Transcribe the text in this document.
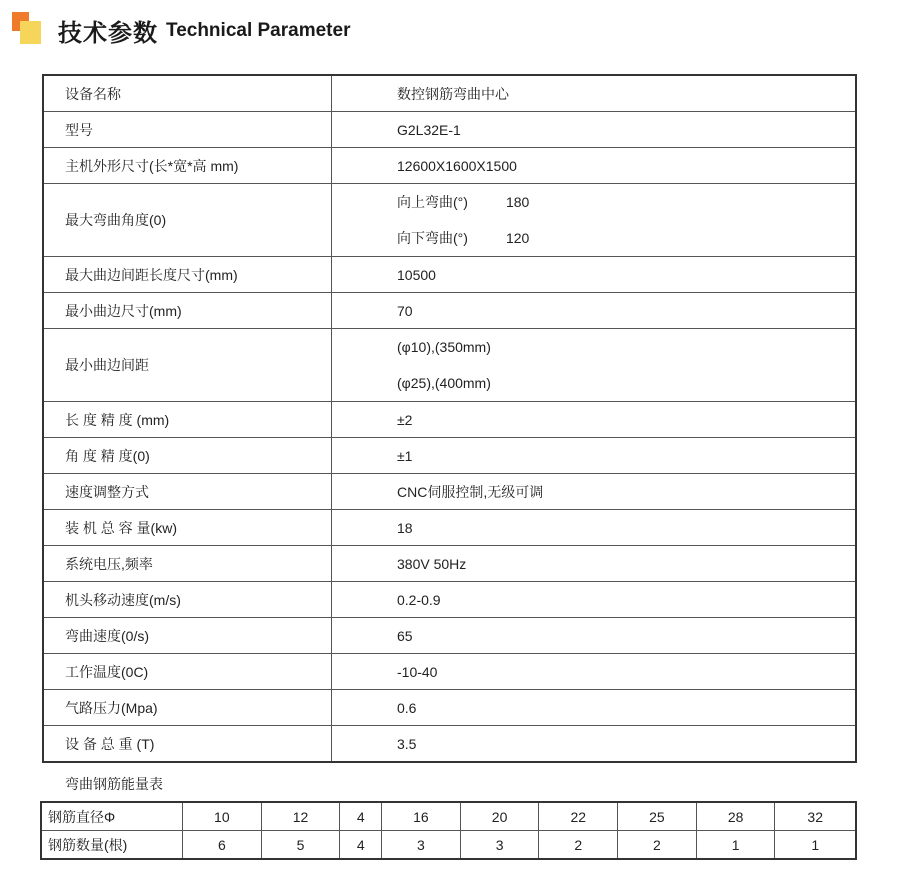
技术参数 Technical Parameter
设备名称	数控钢筋弯曲中心
型号	G2L32E-1
主机外形尺寸(长*宽*高 mm)	12600X1600X1500
最大弯曲角度(0)	向上弯曲(°) 180
向下弯曲(°) 120

最大曲边间距长度尺寸(mm)	10500
最小曲边尺寸(mm)	70
最小曲边间距	(φ10),(350mm)
(φ25),(400mm)

长 度 精 度 (mm)	±2
角 度 精 度(0)	±1
速度调整方式	CNC伺服控制,无级可调
装 机 总 容 量(kw)	18
系统电压,频率	380V 50Hz
机头移动速度(m/s)	0.2-0.9
弯曲速度(0/s)	65
工作温度(0C)	-10-40
气路压力(Mpa)	0.6
设 备 总 重 (T)	3.5
弯曲钢筋能量表
钢筋直径Φ	10	12	4	16	20	22	25	28	32
钢筋数量(根)	6	5	4	3	3	2	2	1	1
